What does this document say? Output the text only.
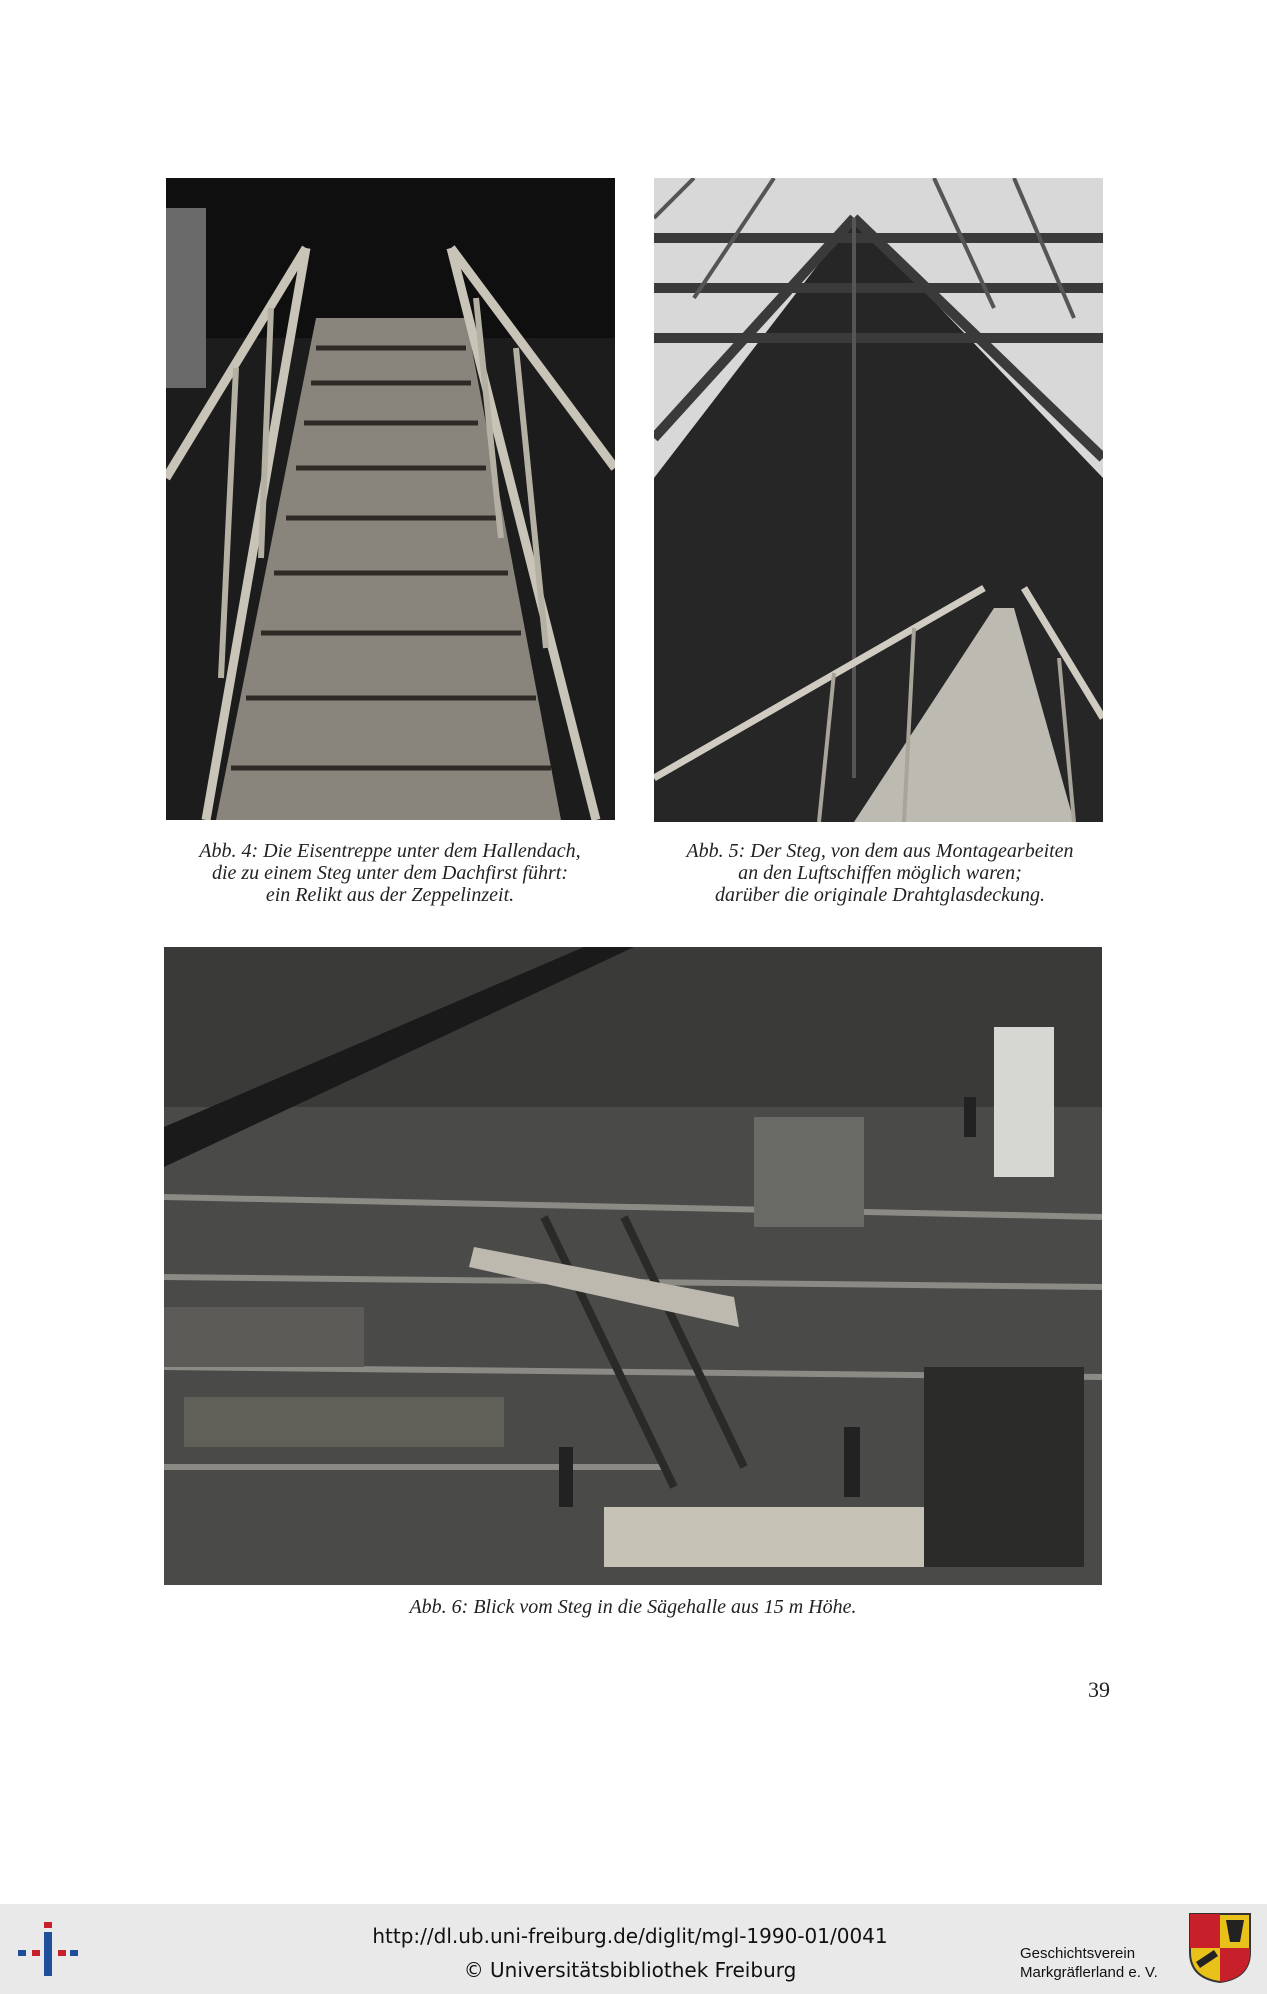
Abb. 4: Die Eisentreppe unter dem Hallendach,
die zu einem Steg unter dem Dachfirst führt:
ein Relikt aus der Zeppelinzeit.
Abb. 5: Der Steg, von dem aus Montagearbeiten
an den Luftschiffen möglich waren;
darüber die originale Drahtglasdeckung.
Abb. 6: Blick vom Steg in die Sägehalle aus 15 m Höhe.
39
http://dl.ub.uni-freiburg.de/diglit/mgl-1990-01/0041
© Universitätsbibliothek Freiburg
Geschichtsverein
Markgräflerland e. V.
